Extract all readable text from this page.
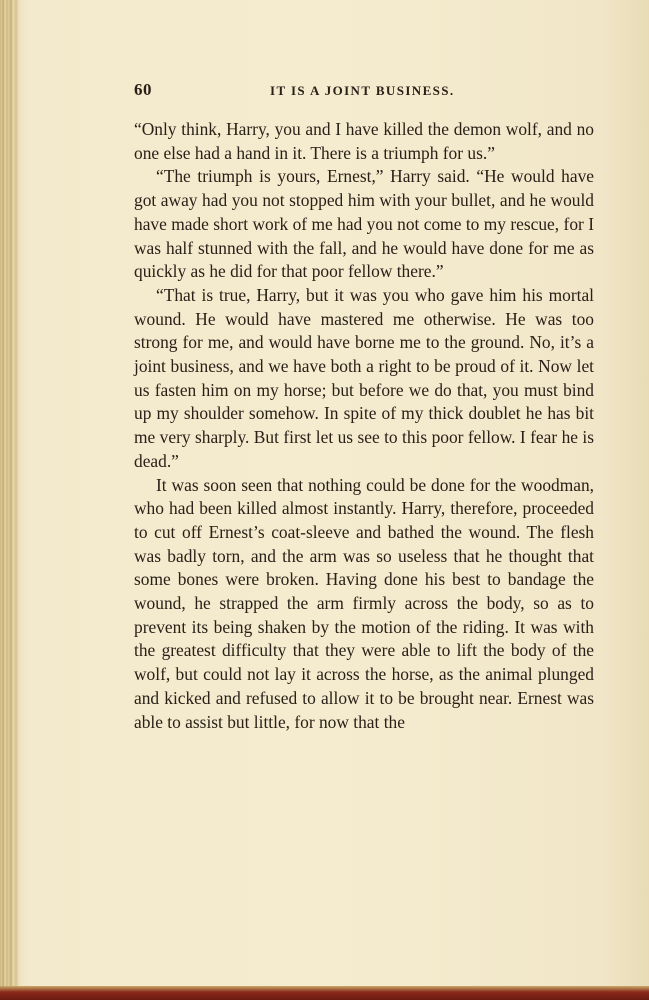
60	IT IS A JOINT BUSINESS.

“Only think, Harry, you and I have killed the demon wolf, and no one else had a hand in it. There is a triumph for us.”

“The triumph is yours, Ernest,” Harry said. “He would have got away had you not stopped him with your bullet, and he would have made short work of me had you not come to my rescue, for I was half stunned with the fall, and he would have done for me as quickly as he did for that poor fellow there.”

“That is true, Harry, but it was you who gave him his mortal wound. He would have mastered me otherwise. He was too strong for me, and would have borne me to the ground. No, it’s a joint business, and we have both a right to be proud of it. Now let us fasten him on my horse; but before we do that, you must bind up my shoulder somehow. In spite of my thick doublet he has bit me very sharply. But first let us see to this poor fellow. I fear he is dead.”

It was soon seen that nothing could be done for the woodman, who had been killed almost instantly. Harry, therefore, proceeded to cut off Ernest’s coat-sleeve and bathed the wound. The flesh was badly torn, and the arm was so useless that he thought that some bones were broken. Having done his best to bandage the wound, he strapped the arm firmly across the body, so as to prevent its being shaken by the motion of the riding. It was with the greatest difficulty that they were able to lift the body of the wolf, but could not lay it across the horse, as the animal plunged and kicked and refused to allow it to be brought near. Ernest was able to assist but little, for now that the
